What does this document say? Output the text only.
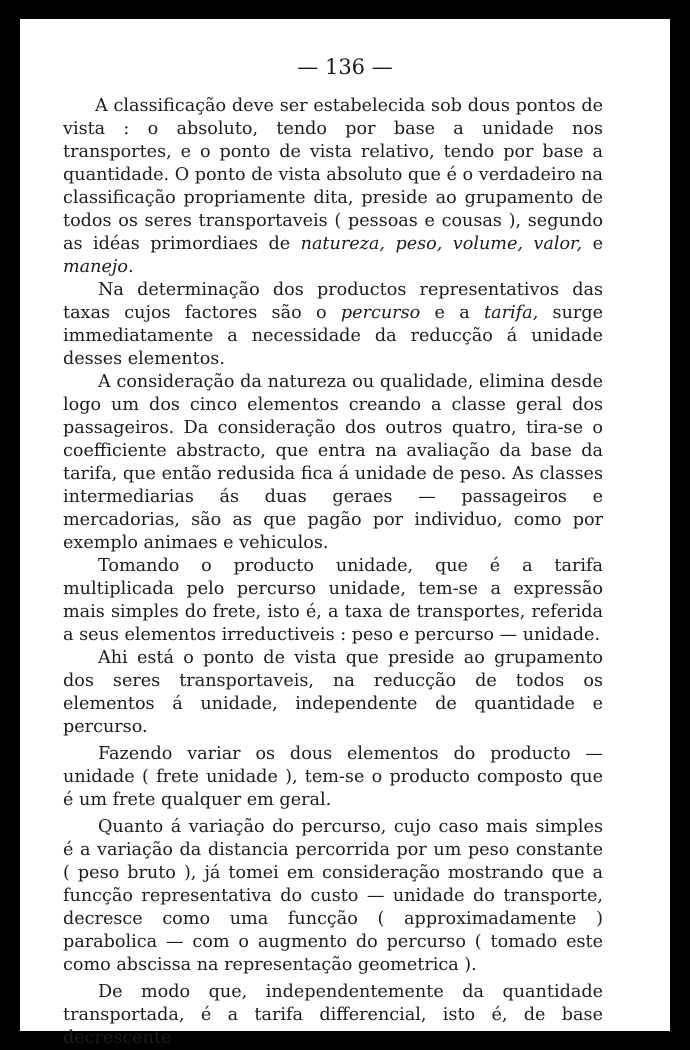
— 136 —

A classificação deve ser estabelecida sob dous pontos de vista : o absoluto, tendo por base a unidade nos transportes, e o ponto de vista relativo, tendo por base a quantidade. O ponto de vista absoluto que é o verdadeiro na classificação propriamente dita, preside ao grupamento de todos os seres transportaveis ( pessoas e cousas ), segundo as idéas primordiaes de natureza, peso, volume, valor, e manejo.

Na determinação dos productos representativos das taxas cujos factores são o percurso e a tarifa, surge immediatamente a necessidade da reducção á unidade desses elementos.

A consideração da natureza ou qualidade, elimina desde logo um dos cinco elementos creando a classe geral dos passageiros. Da consideração dos outros quatro, tira-se o coefficiente abstracto, que entra na avaliação da base da tarifa, que então redusida fica á unidade de peso. As classes intermediarias ás duas geraes — passageiros e mercadorias, são as que pagão por individuo, como por exemplo animaes e vehiculos.

Tomando o producto unidade, que é a tarifa multiplicada pelo percurso unidade, tem-se a expressão mais simples do frete, isto é, a taxa de transportes, referida a seus elementos irreductiveis : peso e percurso — unidade.

Ahi está o ponto de vista que preside ao grupamento dos seres transportaveis, na reducção de todos os elementos á unidade, independente de quantidade e percurso.

Fazendo variar os dous elementos do producto — unidade ( frete unidade ), tem-se o producto composto que é um frete qualquer em geral.

Quanto á variação do percurso, cujo caso mais simples é a variação da distancia percorrida por um peso constante ( peso bruto ), já tomei em consideração mostrando que a funcção representativa do custo — unidade do transporte, decresce como uma funcção ( approximadamente ) parabolica — com o augmento do percurso ( tomado este como abscissa na representação geometrica ).

De modo que, independentemente da quantidade transportada, é a tarifa differencial, isto é, de base decrescente
